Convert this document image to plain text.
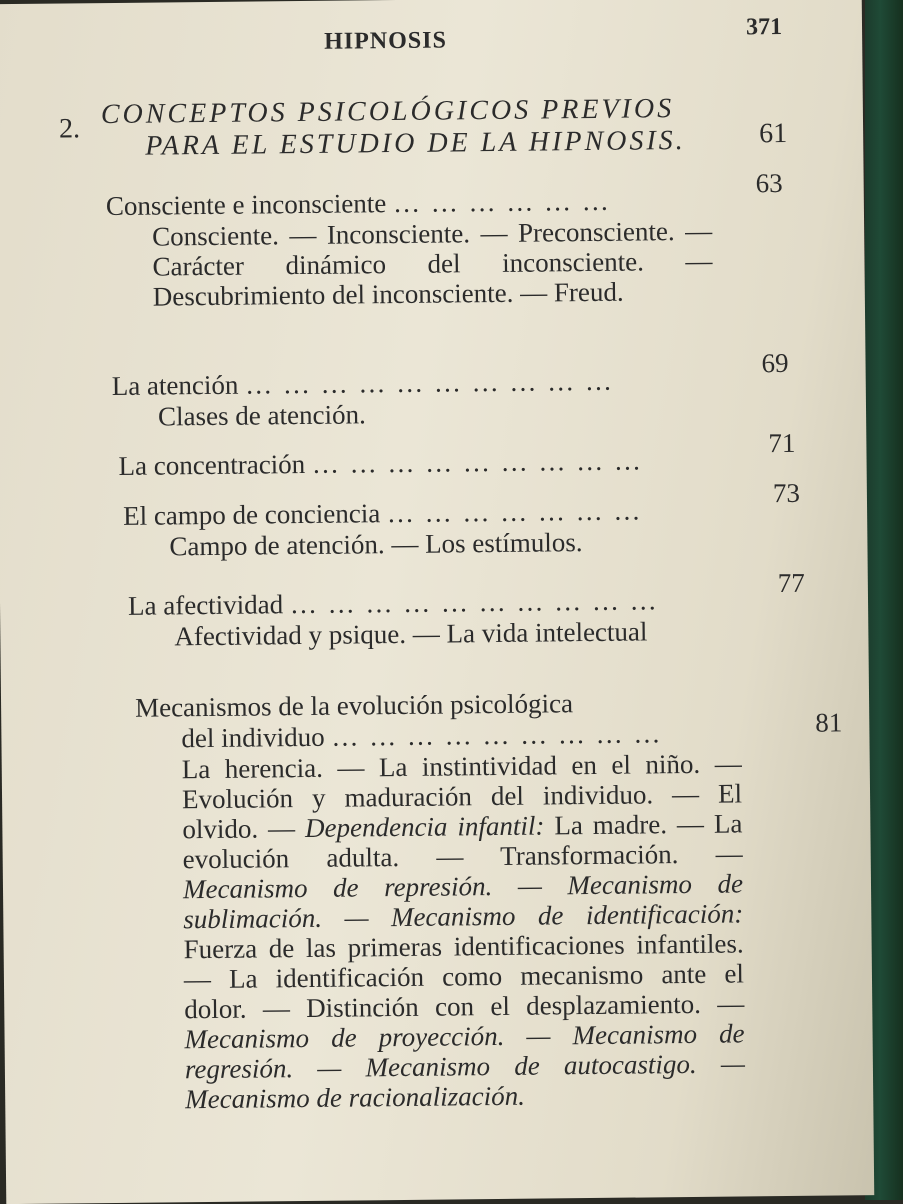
HIPNOSIS
371
2. CONCEPTOS PSICOLÓGICOS PREVIOS
PARA EL ESTUDIO DE LA HIPNOSIS.	61
Consciente e inconsciente … … … … … …
63
Consciente. — Inconsciente. — Preconsciente. — Carácter dinámico del inconsciente. — Descubrimiento del inconsciente. — Freud.
La atención … … … … … … … … … …
69
Clases de atención.
La concentración … … … … … … … … …
71
El campo de conciencia … … … … … … …
73
Campo de atención. — Los estímulos.
La afectividad … … … … … … … … … …
77
Afectividad y psique. — La vida intelectual
Mecanismos de la evolución psicológica
del individuo … … … … … … … … …	81
La herencia. — La instintividad en el niño. — Evolución y maduración del individuo. — El olvido. — Dependencia infantil: La madre. — La evolución adulta. — Transformación. — Mecanismo de represión. — Mecanismo de sublimación. — Mecanismo de identificación: Fuerza de las primeras identificaciones infantiles. — La identificación como mecanismo ante el dolor. — Distinción con el desplazamiento. — Mecanismo de proyección. — Mecanismo de regresión. — Mecanismo de autocastigo. — Mecanismo de racionalización.
